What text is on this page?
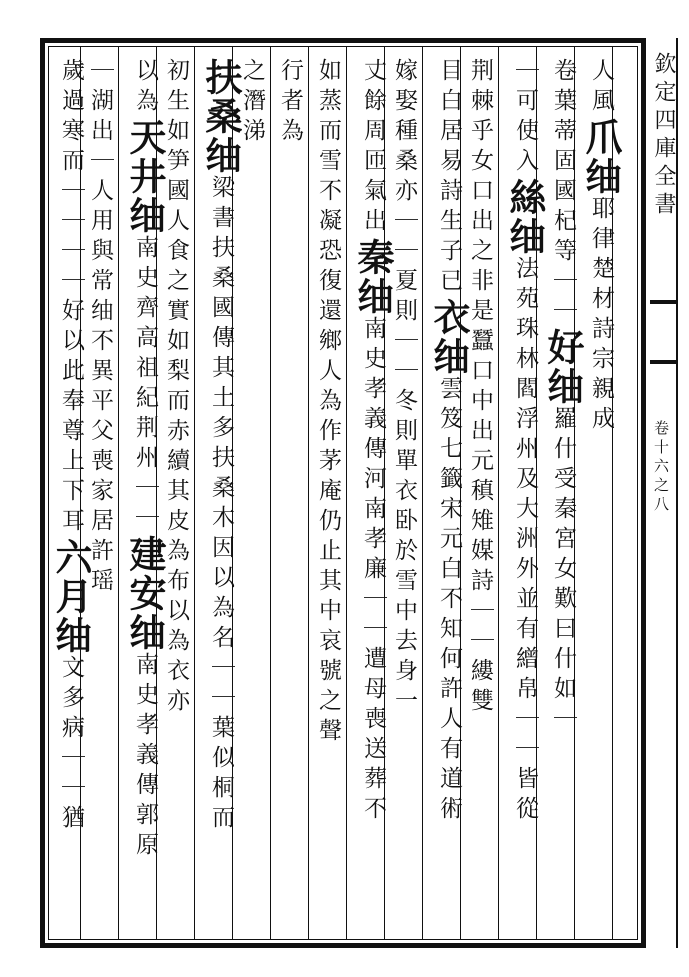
人風爪䌷耶律楚材詩宗親成
卷葉蒂固國杞等｜｜好䌷羅什受秦宮女歎曰什如｜
｜可使入絲䌷法苑珠林閻浮州及大洲外並有繒帛｜｜皆從
荆棘乎女口出之非是蠶口中出元稹雉媒詩｜｜縷雙
目白居易詩生子已衣䌷雲笈七籤宋元白不知何許人有道術
嫁娶種桑亦｜｜夏則｜｜冬則單衣卧於雪中去身一
丈餘周匝氣出秦䌷南史孝義傳河南孝廉｜｜遭母喪送葬不
如蒸而雪不凝恐復還鄉人為作茅庵仍止其中哀號之聲
行者為
之潛涕
扶桑䌷梁書扶桑國傳其土多扶桑木因以為名｜｜葉似桐而
初生如笋國人食之實如梨而赤續其皮為布以為衣亦
以為天井䌷南史齊高祖紀荆州｜｜建安䌷南史孝義傳郭原
｜湖出｜人用與常䌷不異平父喪家居許瑶
歲過寒而｜｜｜｜好以此奉尊上下耳六月䌷文多病｜｜猶
欽定四庫全書
卷十六之八
